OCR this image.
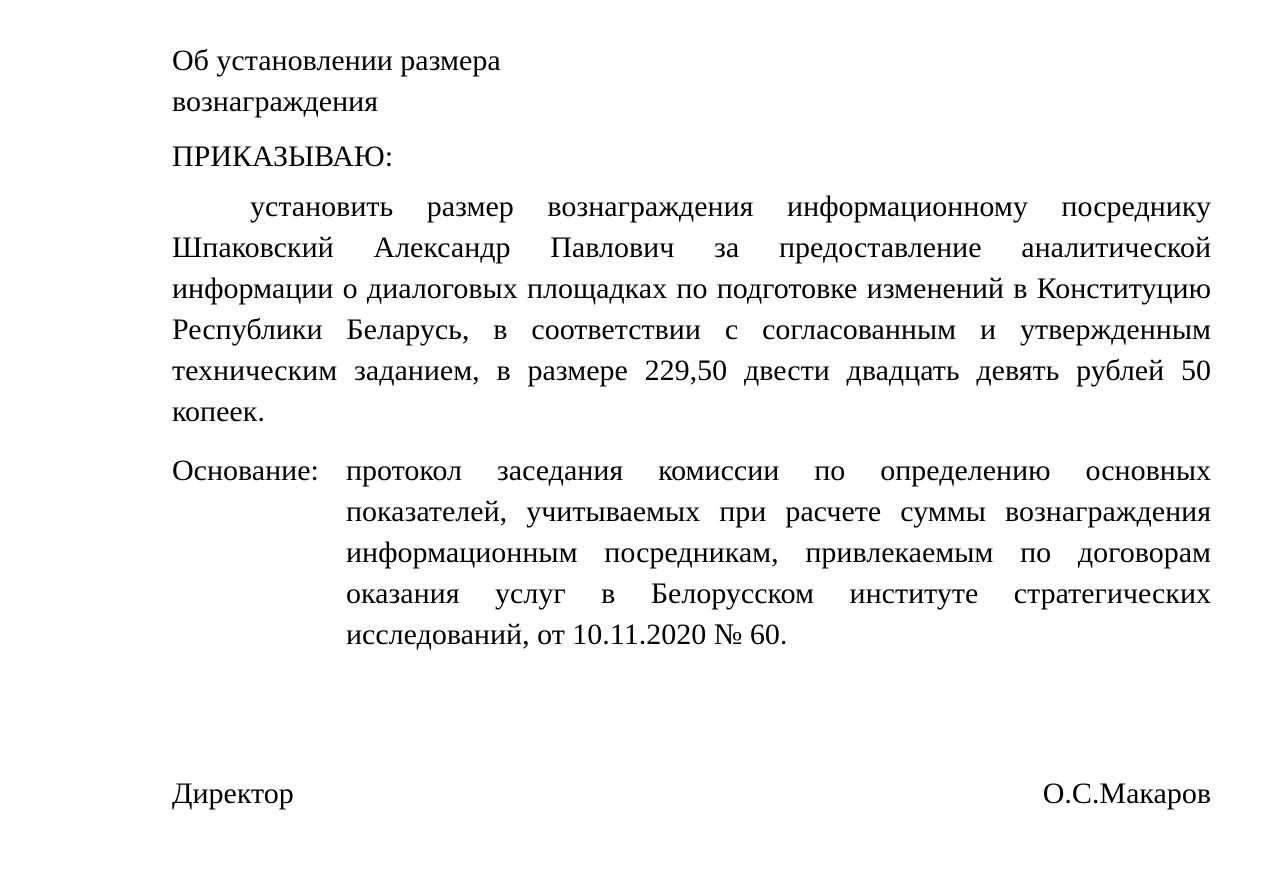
Об установлении размера
вознаграждения

ПРИКАЗЫВАЮ:

установить размер вознаграждения информационному посреднику Шпаковский Александр Павлович за предоставление аналитической информации о диалоговых площадках по подготовке изменений в Конституцию Республики Беларусь, в соответствии с согласованным и утвержденным техническим заданием, в размере 229,50 двести двадцать девять рублей 50 копеек.

Основание: протокол заседания комиссии по определению основных показателей, учитываемых при расчете суммы вознаграждения информационным посредникам, привлекаемым по договорам оказания услуг в Белорусском институте стратегических исследований, от 10.11.2020 № 60.

Директор	О.С.Макаров
